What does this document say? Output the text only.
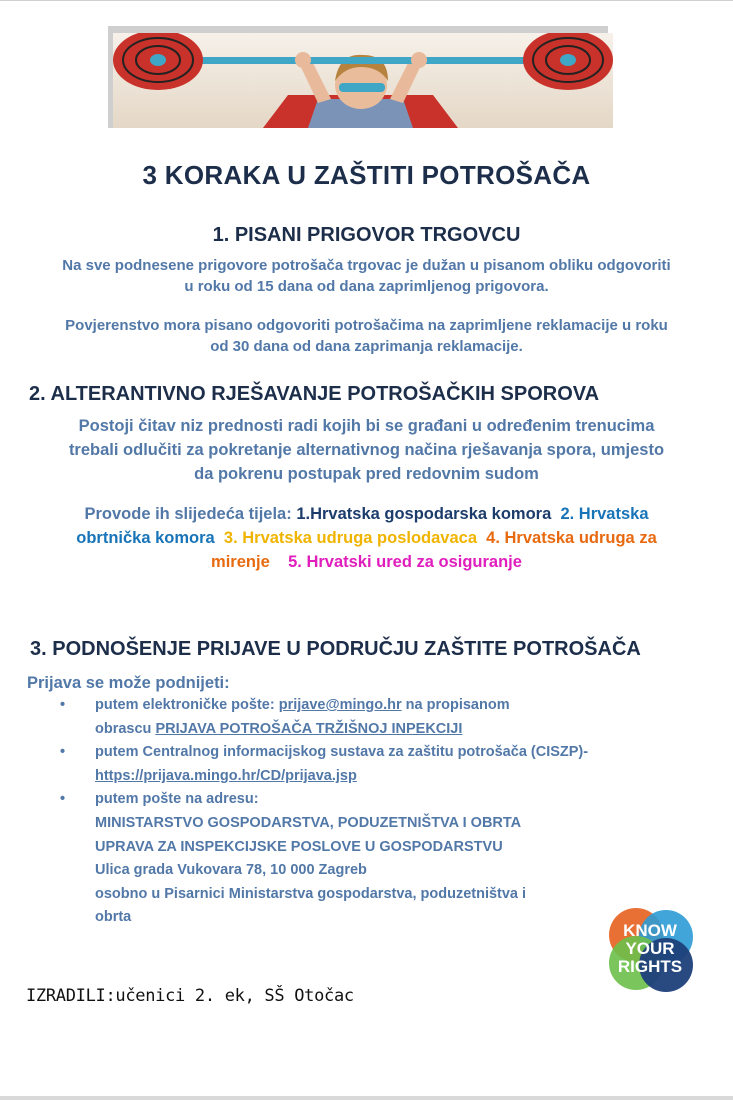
3 KORAKA U ZAŠTITI POTROŠAČA
1. PISANI PRIGOVOR TRGOVCU
Na sve podnesene prigovore potrošača trgovac je dužan u pisanom obliku odgovoriti
u roku od 15 dana od dana zaprimljenog prigovora.
Povjerenstvo mora pisano odgovoriti potrošačima na zaprimljene reklamacije u roku
od 30 dana od dana zaprimanja reklamacije.
2. ALTERANTIVNO RJEŠAVANJE POTROŠAČKIH SPOROVA
Postoji čitav niz prednosti radi kojih bi se građani u određenim trenucima
trebali odlučiti za pokretanje alternativnog načina rješavanja spora, umjesto
da pokrenu postupak pred redovnim sudom
Provode ih slijedeća tijela: 1.Hrvatska gospodarska komora 2. Hrvatska
obrtnička komora 3. Hrvatska udruga poslodavaca 4. Hrvatska udruga za
mirenje 5. Hrvatski ured za osiguranje
3. PODNOŠENJE PRIJAVE U PODRUČJU ZAŠTITE POTROŠAČA
Prijava se može podnijeti:
• putem elektroničke pošte: prijave@mingo.hr na propisanom
obrascu PRIJAVA POTROŠAČA TRŽIŠNOJ INPEKCIJI
• putem Centralnog informacijskog sustava za zaštitu potrošača (CISZP)-
https://prijava.mingo.hr/CD/prijava.jsp
• putem pošte na adresu:
MINISTARSTVO GOSPODARSTVA, PODUZETNIŠTVA I OBRTA
UPRAVA ZA INSPEKCIJSKE POSLOVE U GOSPODARSTVU
Ulica grada Vukovara 78, 10 000 Zagreb
osobno u Pisarnici Ministarstva gospodarstva, poduzetništva i
obrta
KNOW
YOUR
RIGHTS
IZRADILI:učenici 2. ek, SŠ Otočac
